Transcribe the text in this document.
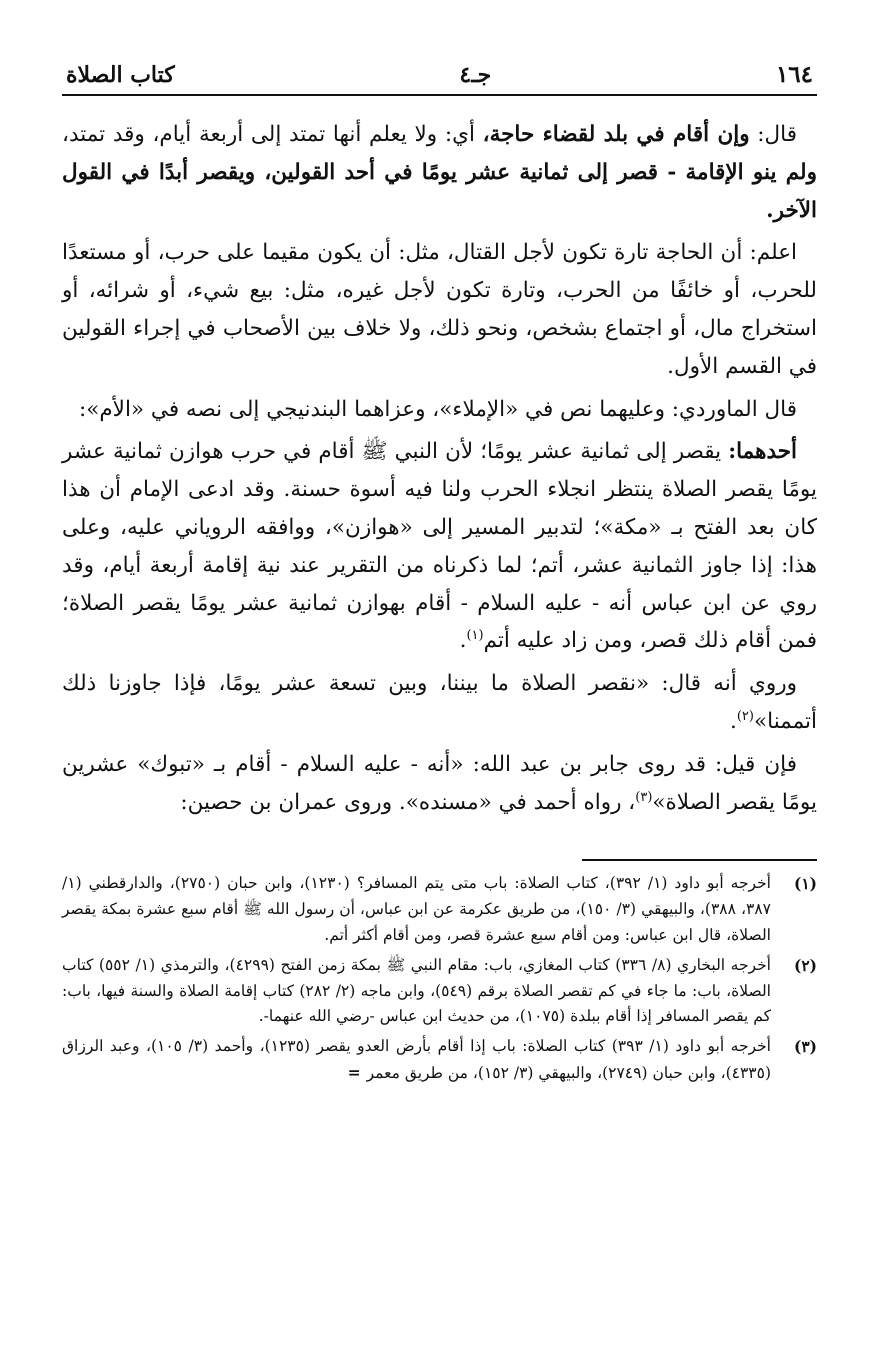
١٦٤
جـ٤
كتاب الصلاة

قال: وإن أقام في بلد لقضاء حاجة، أي: ولا يعلم أنها تمتد إلى أربعة أيام، وقد تمتد، ولم ينو الإقامة - قصر إلى ثمانية عشر يومًا في أحد القولين، ويقصر أبدًا في القول الآخر.

اعلم: أن الحاجة تارة تكون لأجل القتال، مثل: أن يكون مقيما على حرب، أو مستعدًا للحرب، أو خائفًا من الحرب، وتارة تكون لأجل غيره، مثل: بيع شيء، أو شرائه، أو استخراج مال، أو اجتماع بشخص، ونحو ذلك، ولا خلاف بين الأصحاب في إجراء القولين في القسم الأول.

قال الماوردي: وعليهما نص في «الإملاء»، وعزاهما البندنيجي إلى نصه في «الأم»:

أحدهما: يقصر إلى ثمانية عشر يومًا؛ لأن النبي ﷺ أقام في حرب هوازن ثمانية عشر يومًا يقصر الصلاة ينتظر انجلاء الحرب ولنا فيه أسوة حسنة. وقد ادعى الإمام أن هذا كان بعد الفتح بـ «مكة»؛ لتدبير المسير إلى «هوازن»، ووافقه الروياني عليه، وعلى هذا: إذا جاوز الثمانية عشر، أتم؛ لما ذكرناه من التقرير عند نية إقامة أربعة أيام، وقد روي عن ابن عباس أنه - عليه السلام - أقام بهوازن ثمانية عشر يومًا يقصر الصلاة؛ فمن أقام ذلك قصر، ومن زاد عليه أتم$^{(١)}$.

وروي أنه قال: «نقصر الصلاة ما بيننا، وبين تسعة عشر يومًا، فإذا جاوزنا ذلك أتممنا»$^{(٢)}$.

فإن قيل: قد روى جابر بن عبد الله: «أنه - عليه السلام - أقام بـ «تبوك» عشرين يومًا يقصر الصلاة»$^{(٣)}$، رواه أحمد في «مسنده». وروى عمران بن حصين:

(١)
أخرجه أبو داود (١/ ٣٩٢)، كتاب الصلاة: باب متى يتم المسافر؟ (١٢٣٠)، وابن حبان (٢٧٥٠)، والدارقطني (١/ ٣٨٧، ٣٨٨)، والبيهقي (٣/ ١٥٠)، من طريق عكرمة عن ابن عباس، أن رسول الله ﷺ أقام سبع عشرة بمكة يقصر الصلاة، قال ابن عباس: ومن أقام سبع عشرة قصر، ومن أقام أكثر أتم.
(٢)
أخرجه البخاري (٨/ ٣٣٦) كتاب المغازي، باب: مقام النبي ﷺ بمكة زمن الفتح (٤٢٩٩)، والترمذي (١/ ٥٥٢) كتاب الصلاة، باب: ما جاء في كم تقصر الصلاة برقم (٥٤٩)، وابن ماجه (٢/ ٢٨٢) كتاب إقامة الصلاة والسنة فيها، باب: كم يقصر المسافر إذا أقام ببلدة (١٠٧٥)، من حديث ابن عباس -رضي الله عنهما-.
(٣)
أخرجه أبو داود (١/ ٣٩٣) كتاب الصلاة: باب إذا أقام بأرض العدو يقصر (١٢٣٥)، وأحمد (٣/ ١٠٥)، وعبد الرزاق (٤٣٣٥)، وابن حبان (٢٧٤٩)، والبيهقي (٣/ ١٥٢)، من طريق معمر=
